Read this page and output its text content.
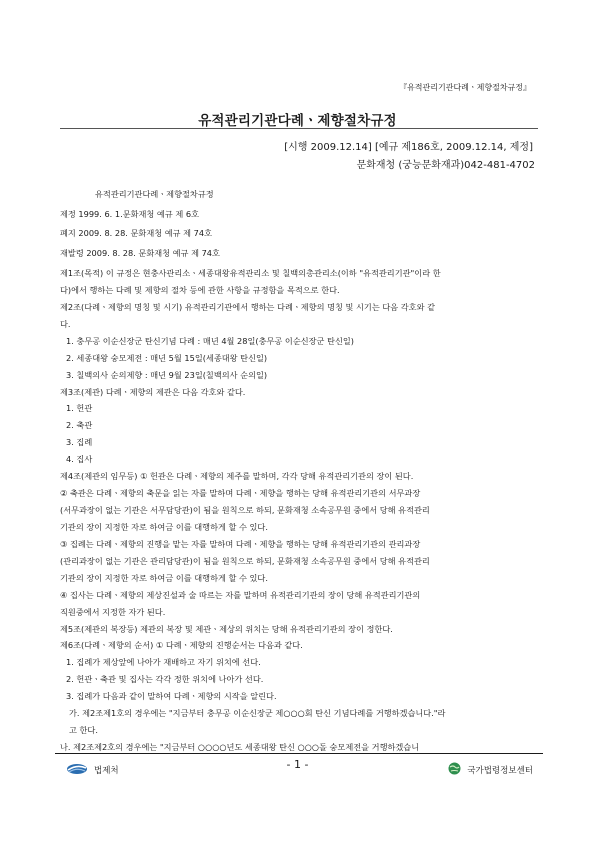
『유적관리기관다례ㆍ제향절차규정』
유적관리기관다례ㆍ제향절차규정
[시행 2009.12.14] [예규 제186호, 2009.12.14, 제정]
문화재청 (궁능문화재과)042-481-4702
유적관리기관다례ㆍ제향절차규정
제정 1999. 6. 1.문화재청 예규 제 6호
폐지 2009. 8. 28. 문화재청 예규 제 74호
재발령 2009. 8. 28. 문화재청 예규 제 74호
법제처	- 1 -	국가법령정보센터
제1조(목적) 이 규정은 현충사관리소ㆍ세종대왕유적관리소 및 칠백의총관리소(이하 "유적관리기관"이라 한
다)에서 행하는 다례 및 제향의 절차 등에 관한 사항을 규정함을 목적으로 한다.
제2조(다례ㆍ제향의 명칭 및 시기) 유적관리기관에서 행하는 다례ㆍ제향의 명칭 및 시기는 다음 각호와 같
다.
1. 충무공 이순신장군 탄신기념 다례 : 매년 4월 28일(충무공 이순신장군 탄신일)
2. 세종대왕 숭모제전 : 매년 5월 15일(세종대왕 탄신일)
3. 칠백의사 순의제향 : 매년 9월 23일(칠백의사 순의일)
제3조(제관) 다례ㆍ제향의 제관은 다음 각호와 같다.
1. 헌관
2. 축관
3. 집례
4. 집사
제4조(제관의 임무등) ① 헌관은 다례ㆍ제향의 제주를 말하며, 각각 당해 유적관리기관의 장이 된다.
② 축관은 다례ㆍ제향의 축문을 읽는 자를 말하며 다례ㆍ제향을 행하는 당해 유적관리기관의 서무과장
(서무과장이 없는 기관은 서무담당관)이 됨을 원칙으로 하되, 문화재청 소속공무원 중에서 당해 유적관리
기관의 장이 지정한 자로 하여금 이를 대행하게 할 수 있다.
③ 집례는 다례ㆍ제향의 진행을 맡는 자를 말하며 다례ㆍ제향을 행하는 당해 유적관리기관의 관리과장
(관리과장이 없는 기관은 관리담당관)이 됨을 원칙으로 하되, 문화재청 소속공무원 중에서 당해 유적관리
기관의 장이 지정한 자로 하여금 이를 대행하게 할 수 있다.
④ 집사는 다례ㆍ제향의 제상진설과 술 따르는 자를 말하며 유적관리기관의 장이 당해 유적관리기관의
직원중에서 지정한 자가 된다.
제5조(제관의 복장등) 제관의 복장 및 제관ㆍ제상의 위치는 당해 유적관리기관의 장이 정한다.
제6조(다례ㆍ제향의 순서) ① 다례ㆍ제향의 진행순서는 다음과 같다.
1. 집례가 제상앞에 나아가 재배하고 자기 위치에 선다.
2. 헌관ㆍ축관 및 집사는 각각 정한 위치에 나아가 선다.
3. 집례가 다음과 같이 말하여 다례ㆍ제향의 시작을 알린다.
가. 제2조제1호의 경우에는 "지금부터 충무공 이순신장군 제○○○회 탄신 기념다례를 거행하겠습니다."라
고 한다.
나. 제2조제2호의 경우에는 "지금부터 ○○○○년도 세종대왕 탄신 ○○○돌 숭모제전을 거행하겠습니
